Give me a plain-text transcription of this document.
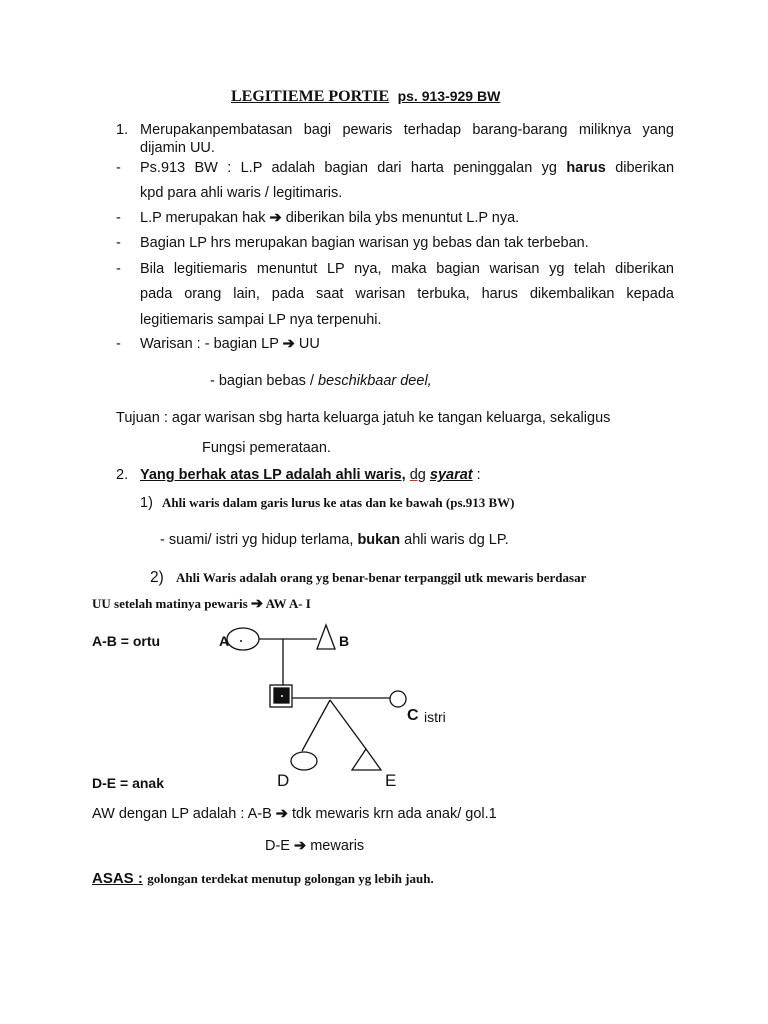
LEGITIEME PORTIE ps. 913-929 BW
1. Merupakanpembatasan bagi pewaris terhadap barang-barang miliknya yang
dijamin UU.
- Ps.913 BW : L.P adalah bagian dari harta peninggalan yg harus diberikan
kpd para ahli waris / legitimaris.
- L.P merupakan hak ➔ diberikan bila ybs menuntut L.P nya.
- Bagian LP hrs merupakan bagian warisan yg bebas dan tak terbeban.
- Bila legitiemaris menuntut LP nya, maka bagian warisan yg telah diberikan
pada orang lain, pada saat warisan terbuka, harus dikembalikan kepada
legitiemaris sampai LP nya terpenuhi.
- Warisan : - bagian LP ➔ UU
- bagian bebas / beschikbaar deel,
Tujuan : agar warisan sbg harta keluarga jatuh ke tangan keluarga, sekaligus
Fungsi pemerataan.
2. Yang berhak atas LP adalah ahli waris, dg syarat :
1) Ahli waris dalam garis lurus ke atas dan ke bawah (ps.913 BW)
- suami/ istri yg hidup terlama, bukan ahli waris dg LP.
2) Ahli Waris adalah orang yg benar-benar terpanggil utk mewaris berdasar
UU setelah matinya pewaris ➔ AW A- I
A-B = ortu	A	B
C istri
D-E = anak	D	E
AW dengan LP adalah : A-B ➔ tdk mewaris krn ada anak/ gol.1
D-E ➔ mewaris
ASAS : golongan terdekat menutup golongan yg lebih jauh.
